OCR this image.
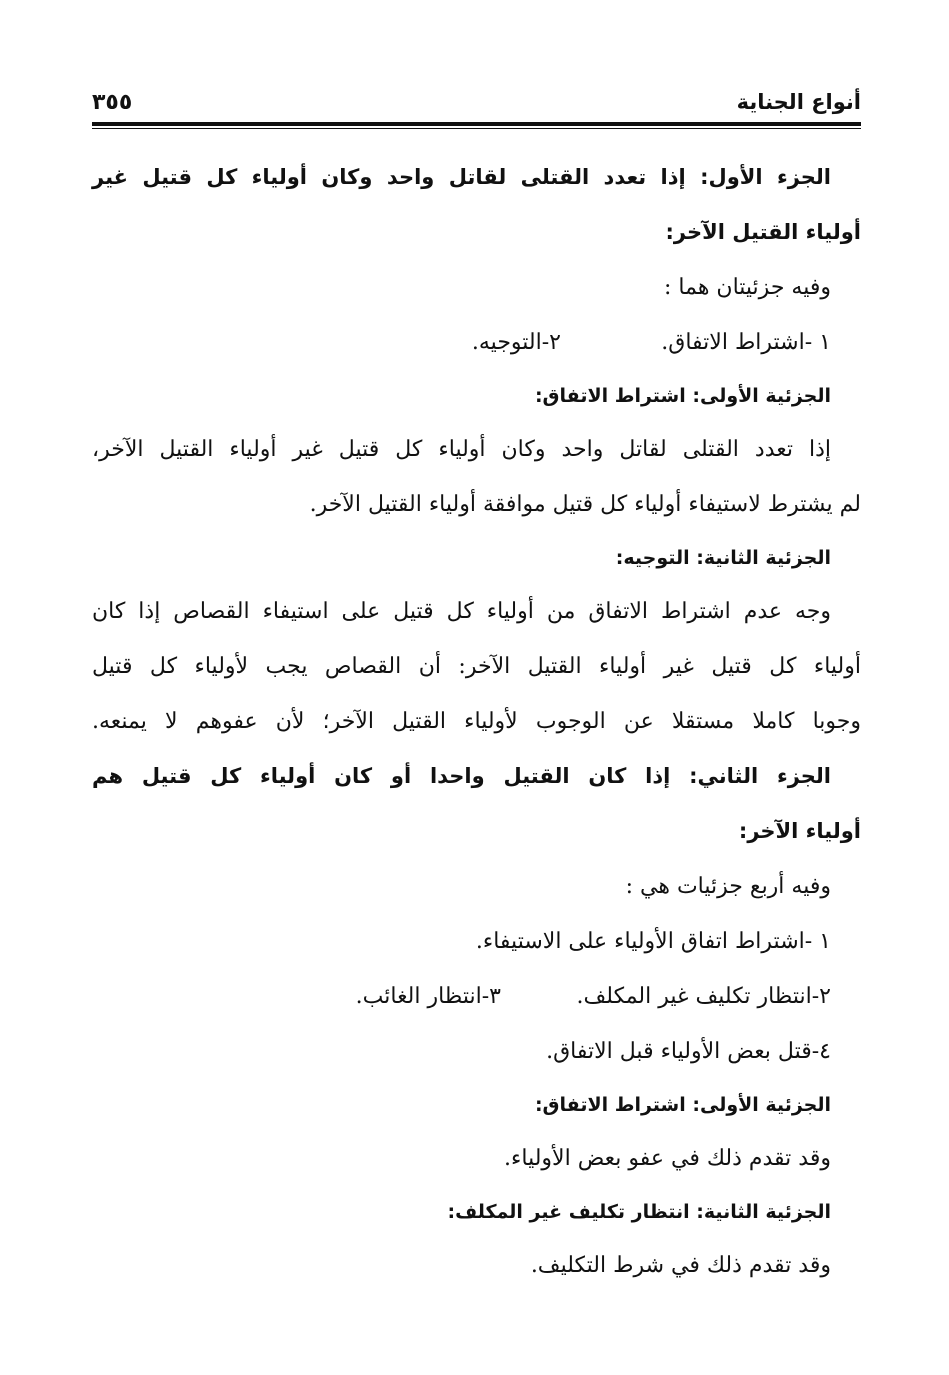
أنواع الجناية
٣٥٥
الجزء الأول: إذا تعدد القتلى لقاتل واحد وكان أولياء كل قتيل غير
أولياء القتيل الآخر:
وفيه جزئيتان هما :
١ -اشتراط الاتفاق.
٢-التوجيه.
الجزئية الأولى: اشتراط الاتفاق:
إذا تعدد القتلى لقاتل واحد وكان أولياء كل قتيل غير أولياء القتيل الآخر،
لم يشترط لاستيفاء أولياء كل قتيل موافقة أولياء القتيل الآخر.
الجزئية الثانية: التوجيه:
وجه عدم اشتراط الاتفاق من أولياء كل قتيل على استيفاء القصاص إذا كان
أولياء كل قتيل غير أولياء القتيل الآخر: أن القصاص يجب لأولياء كل قتيل
وجوبا كاملا مستقلا عن الوجوب لأولياء القتيل الآخر؛ لأن عفوهم لا يمنعه.
الجزء الثاني: إذا كان القتيل واحدا أو كان أولياء كل قتيل هم
أولياء الآخر:
وفيه أربع جزئيات هي :
١ -اشتراط اتفاق الأولياء على الاستيفاء.
٢-انتظار تكليف غير المكلف.
٣-انتظار الغائب.
٤-قتل بعض الأولياء قبل الاتفاق.
الجزئية الأولى: اشتراط الاتفاق:
وقد تقدم ذلك في عفو بعض الأولياء.
الجزئية الثانية: انتظار تكليف غير المكلف:
وقد تقدم ذلك في شرط التكليف.
